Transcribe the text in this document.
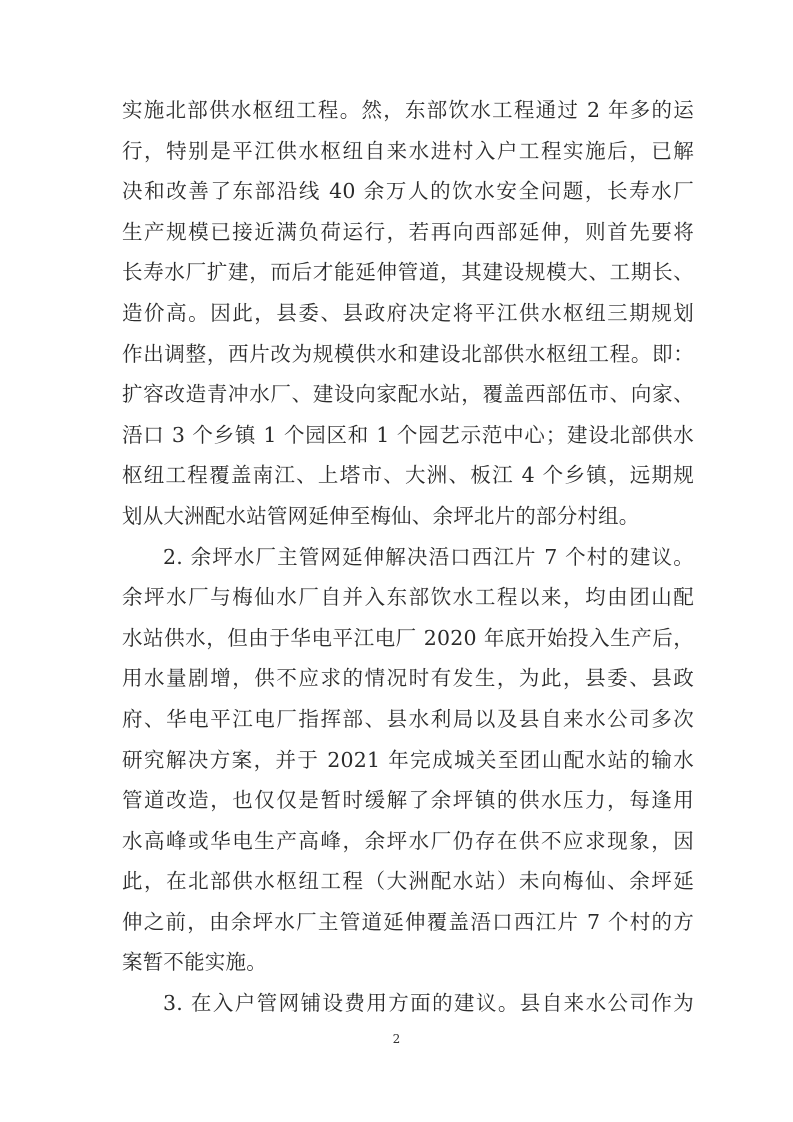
实施北部供水枢纽工程。然，东部饮水工程通过 2 年多的运
行，特别是平江供水枢纽自来水进村入户工程实施后，已解
决和改善了东部沿线 40 余万人的饮水安全问题，长寿水厂
生产规模已接近满负荷运行，若再向西部延伸，则首先要将
长寿水厂扩建，而后才能延伸管道，其建设规模大、工期长、
造价高。因此，县委、县政府决定将平江供水枢纽三期规划
作出调整，西片改为规模供水和建设北部供水枢纽工程。即：
扩容改造青冲水厂、建设向家配水站，覆盖西部伍市、向家、
浯口 3 个乡镇 1 个园区和 1 个园艺示范中心；建设北部供水
枢纽工程覆盖南江、上塔市、大洲、板江 4 个乡镇，远期规
划从大洲配水站管网延伸至梅仙、余坪北片的部分村组。
2. 余坪水厂主管网延伸解决浯口西江片 7 个村的建议。
余坪水厂与梅仙水厂自并入东部饮水工程以来，均由团山配
水站供水，但由于华电平江电厂 2020 年底开始投入生产后，
用水量剧增，供不应求的情况时有发生，为此，县委、县政
府、华电平江电厂指挥部、县水利局以及县自来水公司多次
研究解决方案，并于 2021 年完成城关至团山配水站的输水
管道改造，也仅仅是暂时缓解了余坪镇的供水压力，每逢用
水高峰或华电生产高峰，余坪水厂仍存在供不应求现象，因
此，在北部供水枢纽工程（大洲配水站）未向梅仙、余坪延
伸之前，由余坪水厂主管道延伸覆盖浯口西江片 7 个村的方
案暂不能实施。
3. 在入户管网铺设费用方面的建议。县自来水公司作为
2
